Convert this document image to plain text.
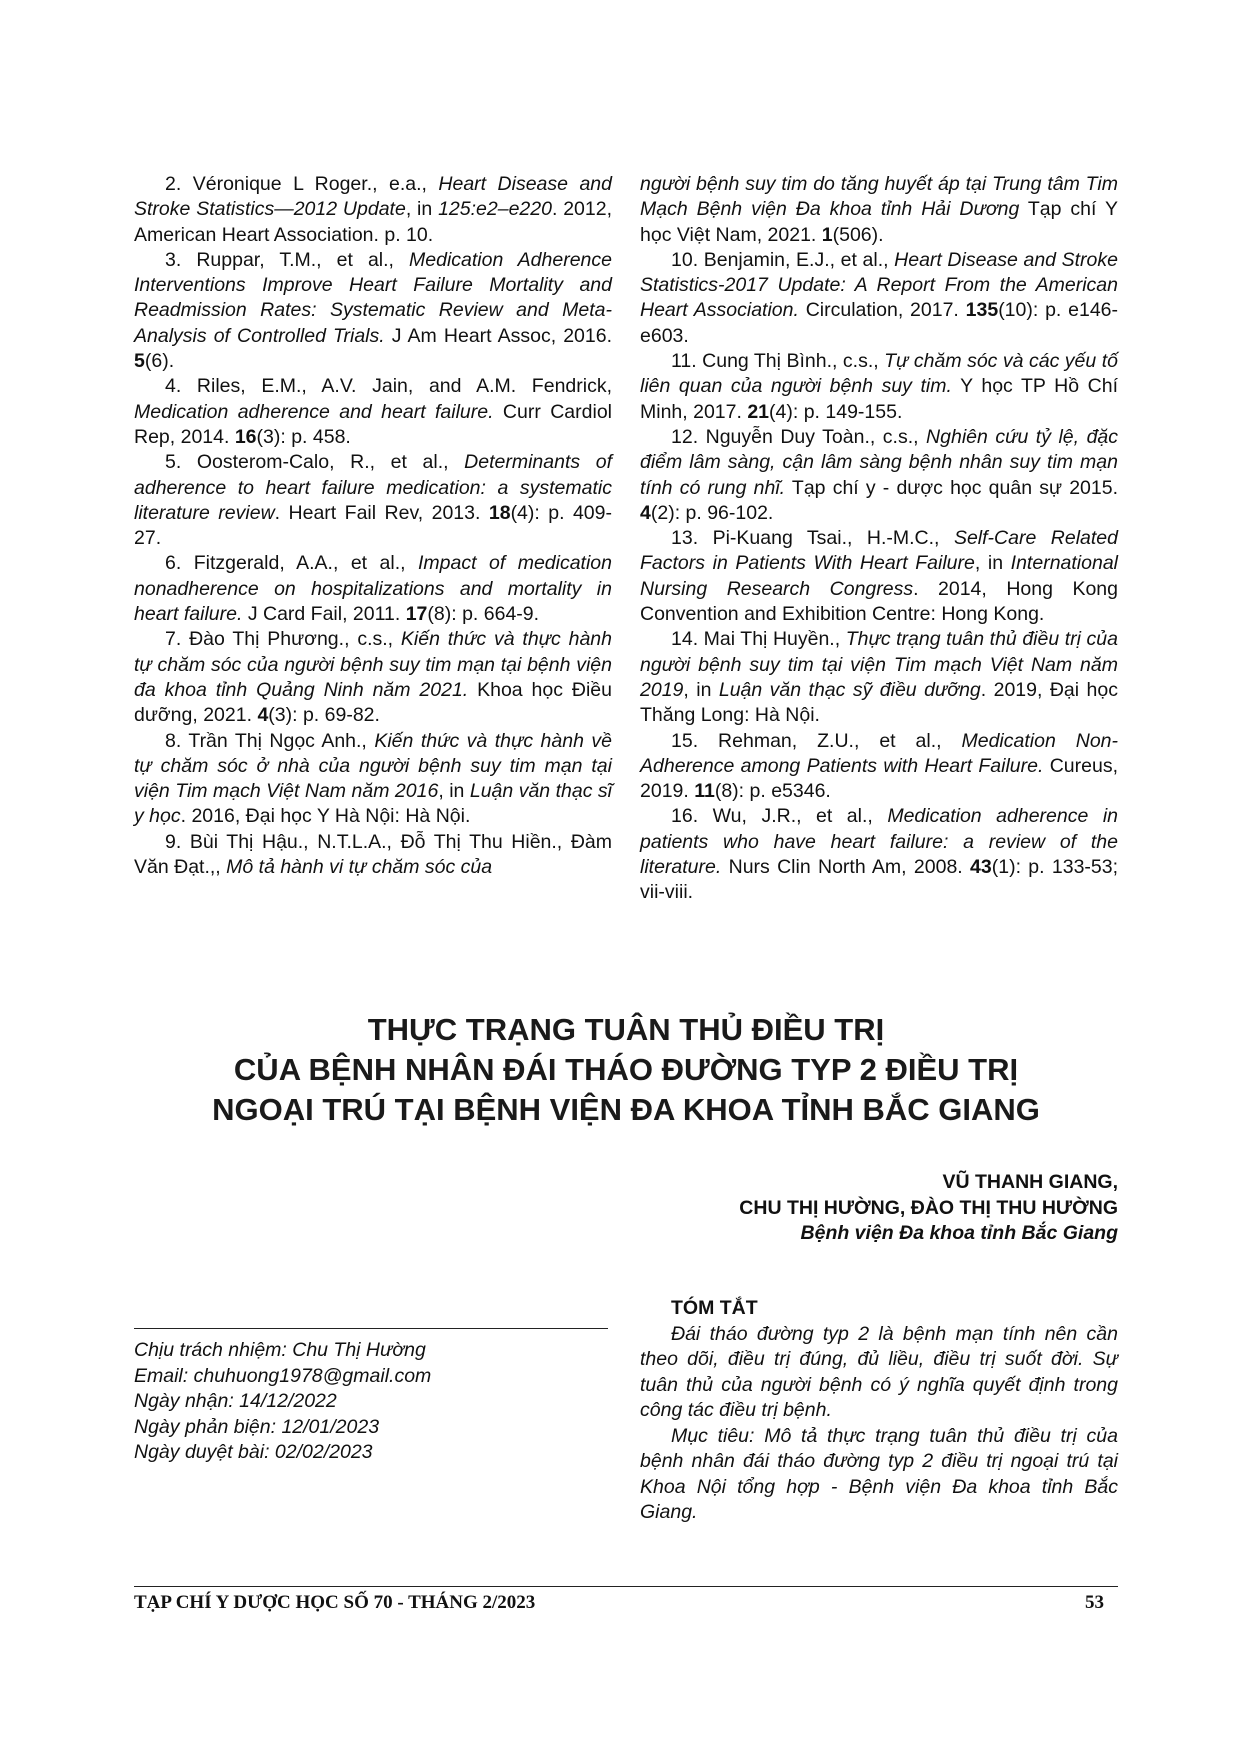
2. Véronique L Roger., e.a., Heart Disease and Stroke Statistics—2012 Update, in 125:e2–e220. 2012, American Heart Association. p. 10.

3. Ruppar, T.M., et al., Medication Adherence Interventions Improve Heart Failure Mortality and Readmission Rates: Systematic Review and Meta-Analysis of Controlled Trials. J Am Heart Assoc, 2016. 5(6).

4. Riles, E.M., A.V. Jain, and A.M. Fendrick, Medication adherence and heart failure. Curr Cardiol Rep, 2014. 16(3): p. 458.

5. Oosterom-Calo, R., et al., Determinants of adherence to heart failure medication: a systematic literature review. Heart Fail Rev, 2013. 18(4): p. 409-27.

6. Fitzgerald, A.A., et al., Impact of medication nonadherence on hospitalizations and mortality in heart failure. J Card Fail, 2011. 17(8): p. 664-9.

7. Đào Thị Phương., c.s., Kiến thức và thực hành tự chăm sóc của người bệnh suy tim mạn tại bệnh viện đa khoa tỉnh Quảng Ninh năm 2021. Khoa học Điều dưỡng, 2021. 4(3): p. 69-82.

8. Trần Thị Ngọc Anh., Kiến thức và thực hành về tự chăm sóc ở nhà của người bệnh suy tim mạn tại viện Tim mạch Việt Nam năm 2016, in Luận văn thạc sĩ y học. 2016, Đại học Y Hà Nội: Hà Nội.

9. Bùi Thị Hậu., N.T.L.A., Đỗ Thị Thu Hiền., Đàm Văn Đạt.,, Mô tả hành vi tự chăm sóc của

người bệnh suy tim do tăng huyết áp tại Trung tâm Tim Mạch Bệnh viện Đa khoa tỉnh Hải Dương Tạp chí Y học Việt Nam, 2021. 1(506).

10. Benjamin, E.J., et al., Heart Disease and Stroke Statistics-2017 Update: A Report From the American Heart Association. Circulation, 2017. 135(10): p. e146-e603.

11. Cung Thị Bình., c.s., Tự chăm sóc và các yếu tố liên quan của người bệnh suy tim. Y học TP Hồ Chí Minh, 2017. 21(4): p. 149-155.

12. Nguyễn Duy Toàn., c.s., Nghiên cứu tỷ lệ, đặc điểm lâm sàng, cận lâm sàng bệnh nhân suy tim mạn tính có rung nhĩ. Tạp chí y - dược học quân sự 2015. 4(2): p. 96-102.

13. Pi-Kuang Tsai., H.-M.C., Self-Care Related Factors in Patients With Heart Failure, in International Nursing Research Congress. 2014, Hong Kong Convention and Exhibition Centre: Hong Kong.

14. Mai Thị Huyền., Thực trạng tuân thủ điều trị của người bệnh suy tim tại viện Tim mạch Việt Nam năm 2019, in Luận văn thạc sỹ điều dưỡng. 2019, Đại học Thăng Long: Hà Nội.

15. Rehman, Z.U., et al., Medication Non-Adherence among Patients with Heart Failure. Cureus, 2019. 11(8): p. e5346.

16. Wu, J.R., et al., Medication adherence in patients who have heart failure: a review of the literature. Nurs Clin North Am, 2008. 43(1): p. 133-53; vii-viii.

THỰC TRẠNG TUÂN THỦ ĐIỀU TRỊ
CỦA BỆNH NHÂN ĐÁI THÁO ĐƯỜNG TYP 2 ĐIỀU TRỊ
NGOẠI TRÚ TẠI BỆNH VIỆN ĐA KHOA TỈNH BẮC GIANG
VŨ THANH GIANG,
CHU THỊ HƯỜNG, ĐÀO THỊ THU HƯỜNG
Bệnh viện Đa khoa tỉnh Bắc Giang
Chịu trách nhiệm: Chu Thị Hường
Email: chuhuong1978@gmail.com
Ngày nhận: 14/12/2022
Ngày phản biện: 12/01/2023
Ngày duyệt bài: 02/02/2023
TÓM TẮT

Đái tháo đường typ 2 là bệnh mạn tính nên cần theo dõi, điều trị đúng, đủ liều, điều trị suốt đời. Sự tuân thủ của người bệnh có ý nghĩa quyết định trong công tác điều trị bệnh.

Mục tiêu: Mô tả thực trạng tuân thủ điều trị của bệnh nhân đái tháo đường typ 2 điều trị ngoại trú tại Khoa Nội tổng hợp - Bệnh viện Đa khoa tỉnh Bắc Giang.

TẠP CHÍ Y DƯỢC HỌC SỐ 70 - THÁNG 2/2023	53
